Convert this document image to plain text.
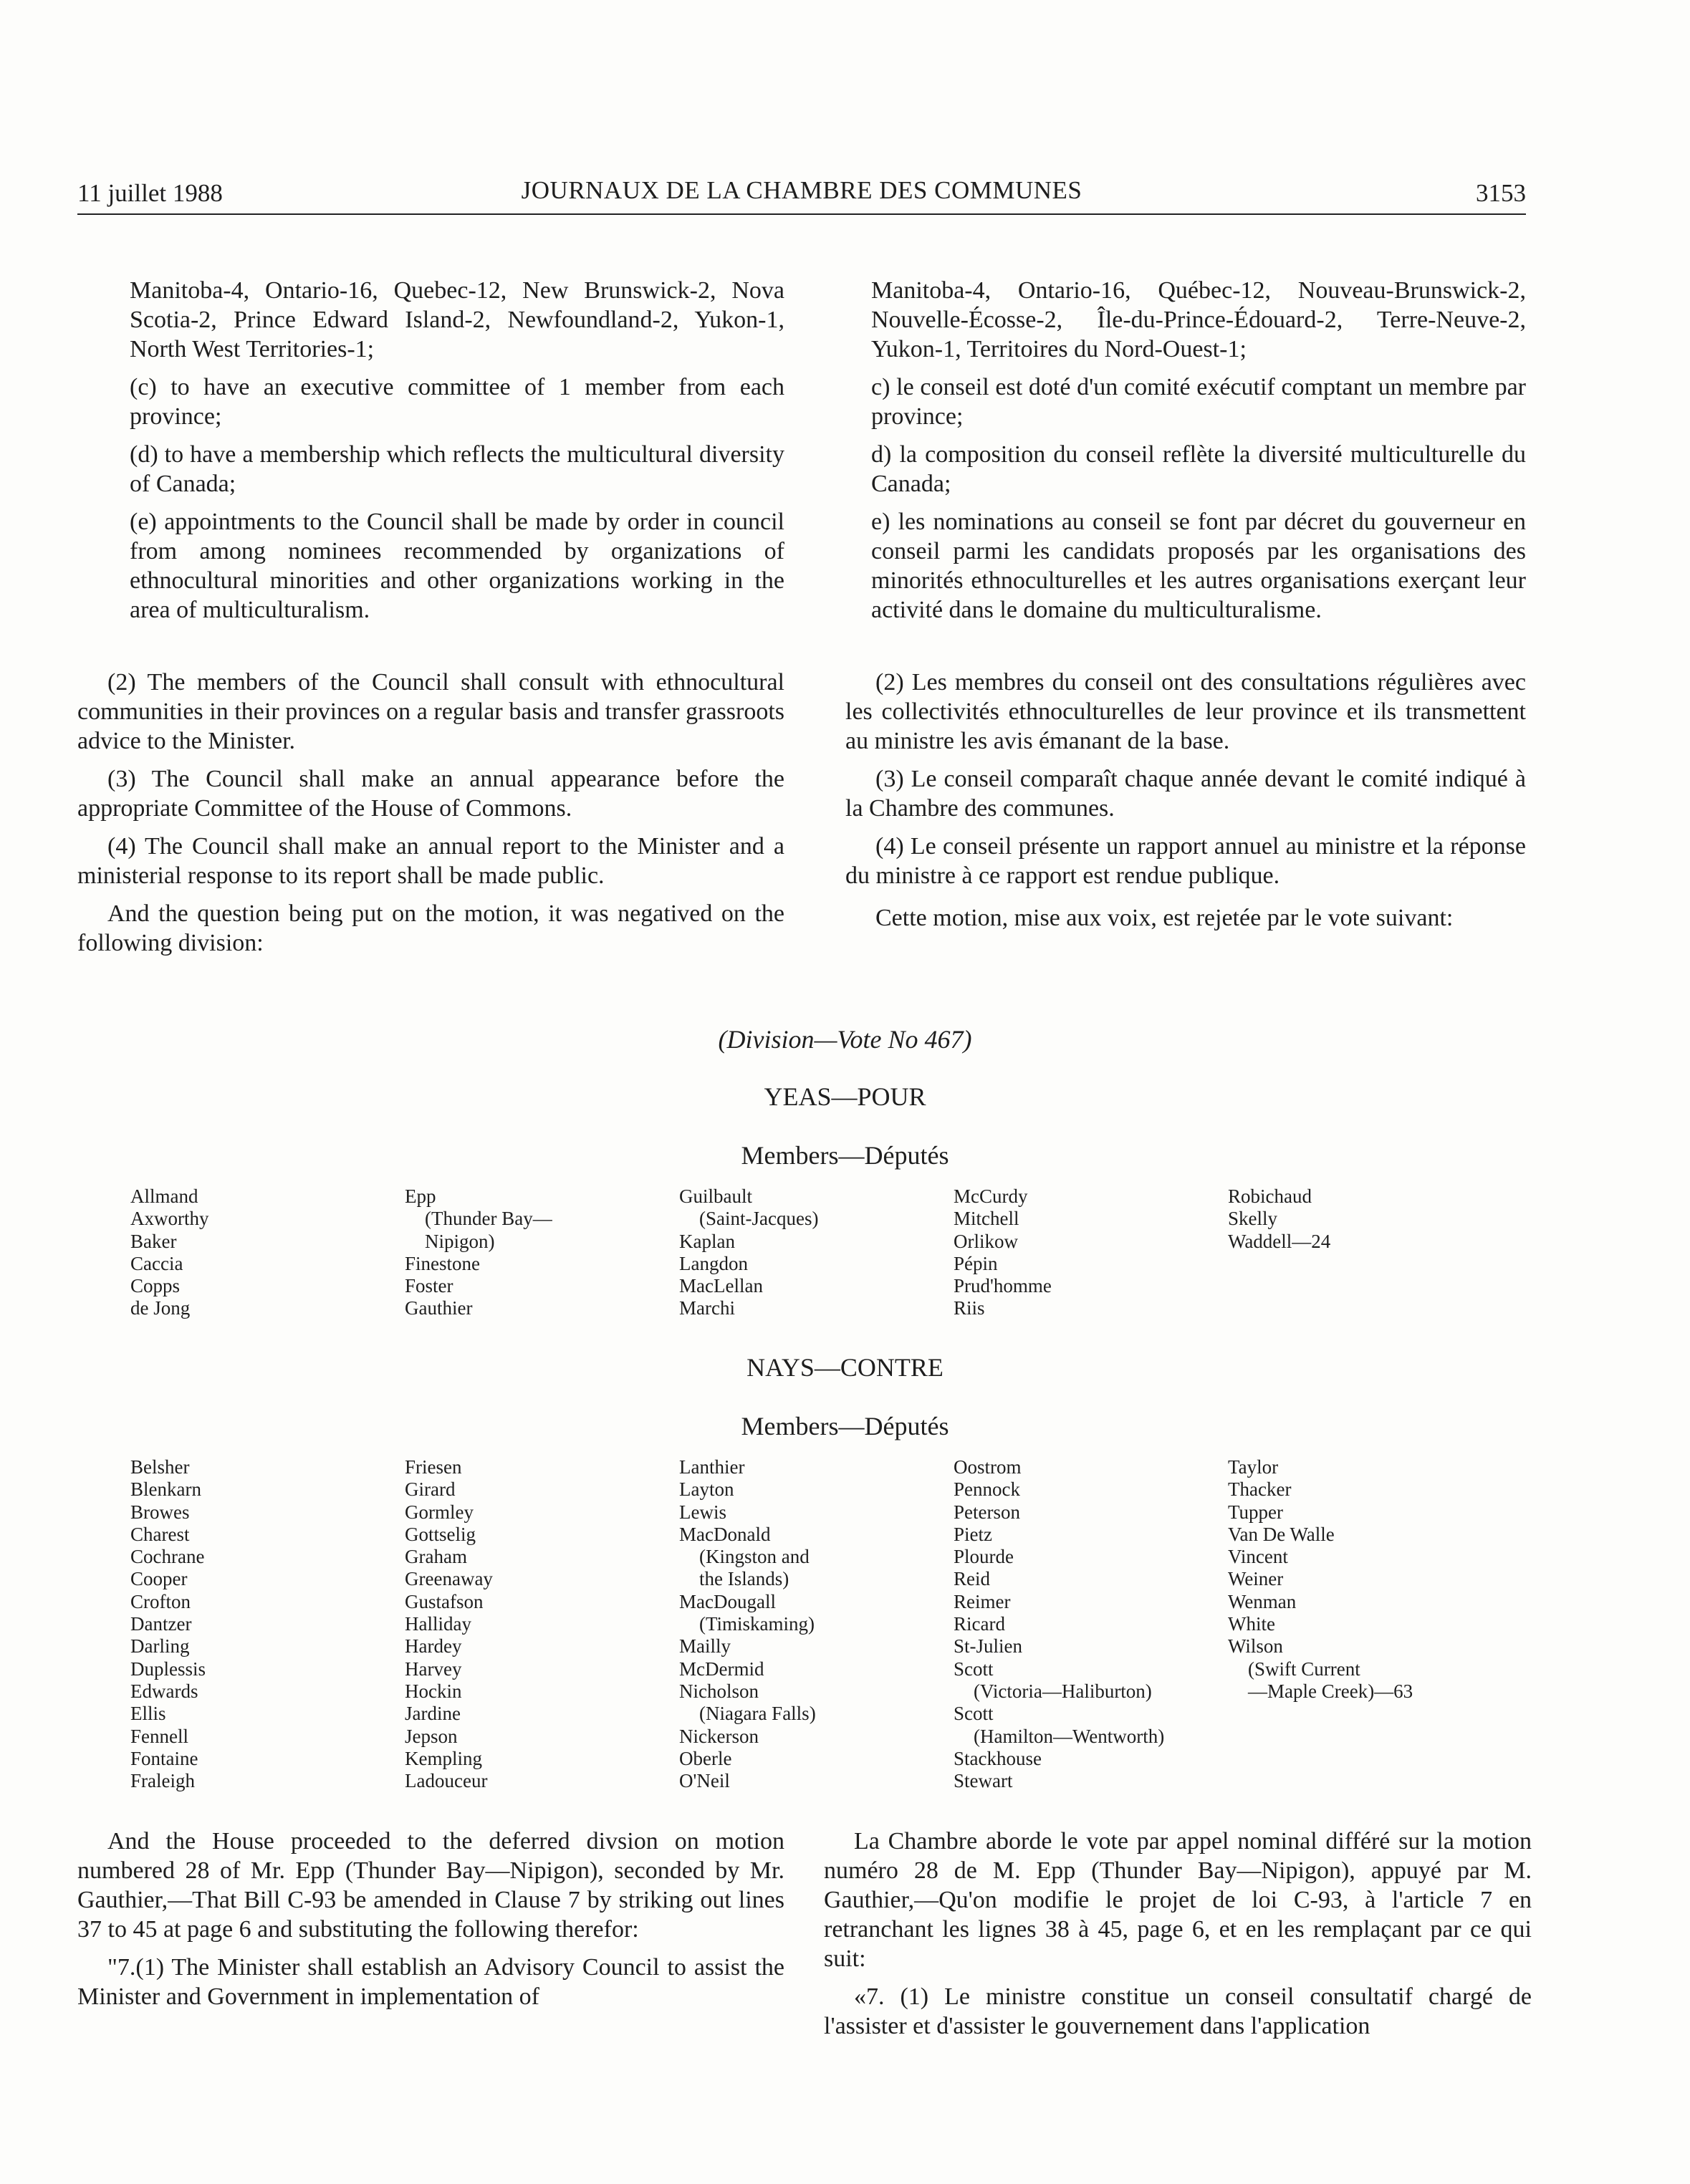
11 juillet 1988	JOURNAUX DE LA CHAMBRE DES COMMUNES	3153

Manitoba-4, Ontario-16, Quebec-12, New Brunswick-2, Nova Scotia-2, Prince Edward Island-2, Newfoundland-2, Yukon-1, North West Territories-1;

(c) to have an executive committee of 1 member from each province;

(d) to have a membership which reflects the multicultural diversity of Canada;

(e) appointments to the Council shall be made by order in council from among nominees recommended by organizations of ethnocultural minorities and other organizations working in the area of multiculturalism.

(2) The members of the Council shall consult with ethnocultural communities in their provinces on a regular basis and transfer grassroots advice to the Minister.

(3) The Council shall make an annual appearance before the appropriate Committee of the House of Commons.

(4) The Council shall make an annual report to the Minister and a ministerial response to its report shall be made public.

And the question being put on the motion, it was negatived on the following division:

Manitoba-4, Ontario-16, Québec-12, Nouveau-Brunswick-2, Nouvelle-Écosse-2, Île-du-Prince-Édouard-2, Terre-Neuve-2, Yukon-1, Territoires du Nord-Ouest-1;

c) le conseil est doté d'un comité exécutif comptant un membre par province;

d) la composition du conseil reflète la diversité multiculturelle du Canada;

e) les nominations au conseil se font par décret du gouverneur en conseil parmi les candidats proposés par les organisations des minorités ethnoculturelles et les autres organisations exerçant leur activité dans le domaine du multiculturalisme.

(2) Les membres du conseil ont des consultations régulières avec les collectivités ethnoculturelles de leur province et ils transmettent au ministre les avis émanant de la base.

(3) Le conseil comparaît chaque année devant le comité indiqué à la Chambre des communes.

(4) Le conseil présente un rapport annuel au ministre et la réponse du ministre à ce rapport est rendue publique.

Cette motion, mise aux voix, est rejetée par le vote suivant:

(Division—Vote No 467)
YEAS—POUR
Members—Députés
Allmand
Axworthy
Baker
Caccia
Copps
de Jong
Epp
(Thunder Bay—
Nipigon)
Finestone
Foster
Gauthier
Guilbault
(Saint-Jacques)
Kaplan
Langdon
MacLellan
Marchi
McCurdy
Mitchell
Orlikow
Pépin
Prud'homme
Riis
Robichaud
Skelly
Waddell—24
NAYS—CONTRE
Members—Députés
Belsher
Blenkarn
Browes
Charest
Cochrane
Cooper
Crofton
Dantzer
Darling
Duplessis
Edwards
Ellis
Fennell
Fontaine
Fraleigh
Friesen
Girard
Gormley
Gottselig
Graham
Greenaway
Gustafson
Halliday
Hardey
Harvey
Hockin
Jardine
Jepson
Kempling
Ladouceur
Lanthier
Layton
Lewis
MacDonald
(Kingston and
the Islands)
MacDougall
(Timiskaming)
Mailly
McDermid
Nicholson
(Niagara Falls)
Nickerson
Oberle
O'Neil
Oostrom
Pennock
Peterson
Pietz
Plourde
Reid
Reimer
Ricard
St-Julien
Scott
(Victoria—Haliburton)
Scott
(Hamilton—Wentworth)
Stackhouse
Stewart
Taylor
Thacker
Tupper
Van De Walle
Vincent
Weiner
Wenman
White
Wilson
(Swift Current
—Maple Creek)—63

And the House proceeded to the deferred divsion on motion numbered 28 of Mr. Epp (Thunder Bay—Nipigon), seconded by Mr. Gauthier,—That Bill C-93 be amended in Clause 7 by striking out lines 37 to 45 at page 6 and substituting the following therefor:

"7.(1) The Minister shall establish an Advisory Council to assist the Minister and Government in implementation of

La Chambre aborde le vote par appel nominal différé sur la motion numéro 28 de M. Epp (Thunder Bay—Nipigon), appuyé par M. Gauthier,—Qu'on modifie le projet de loi C-93, à l'article 7 en retranchant les lignes 38 à 45, page 6, et en les remplaçant par ce qui suit:

«7. (1) Le ministre constitue un conseil consultatif chargé de l'assister et d'assister le gouvernement dans l'application
